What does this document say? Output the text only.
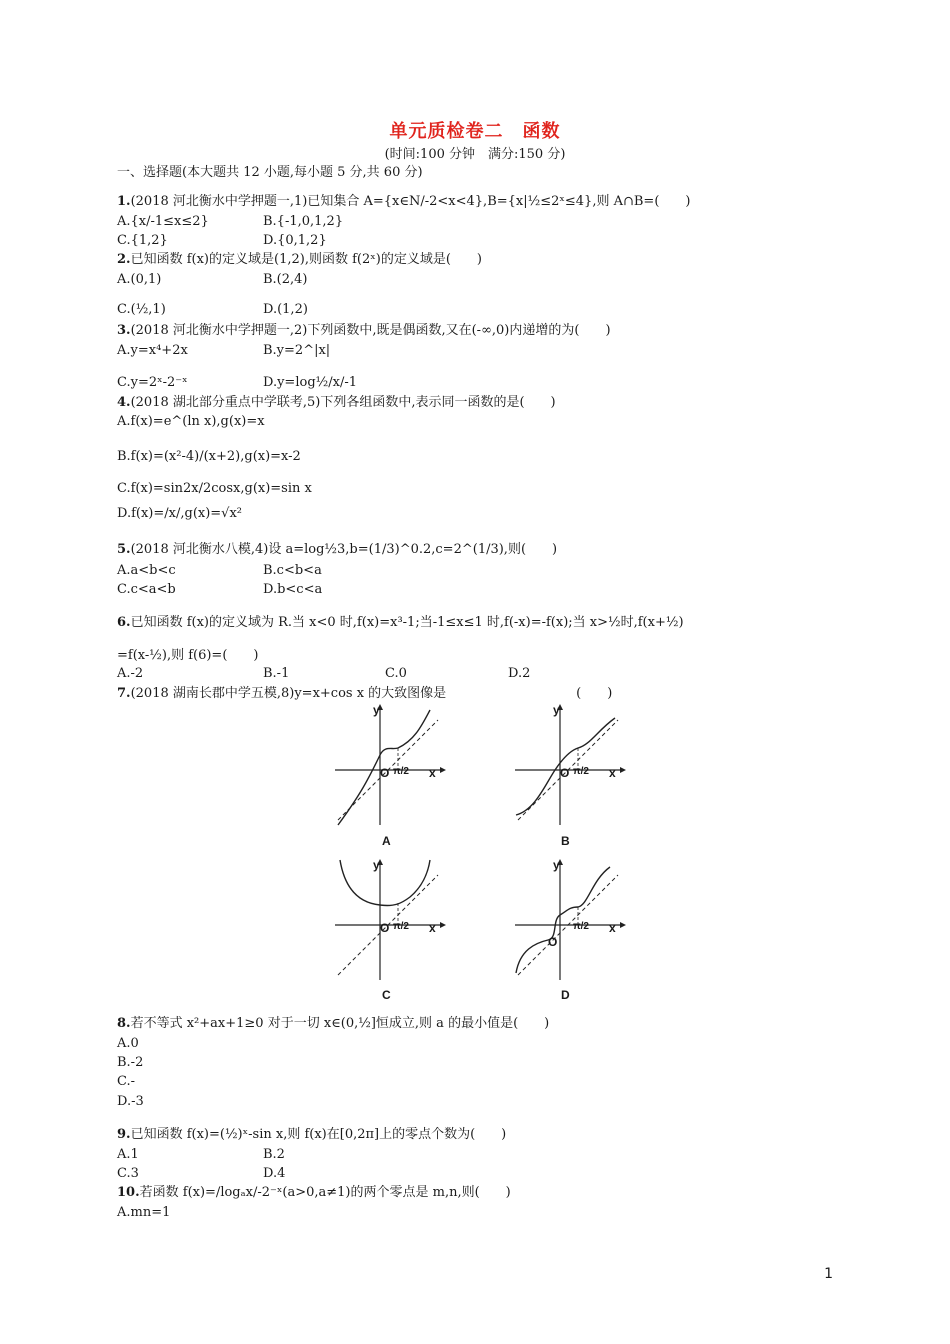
单元质检卷二　函数
(时间:100 分钟　满分:150 分)
一、选择题(本大题共 12 小题,每小题 5 分,共 60 分)
1.(2018 河北衡水中学押题一,1)已知集合 A={x∈N/-2<x<4},B={x|½≤2ˣ≤4},则 A∩B=(　　)
A.{x/-1≤x≤2}	B.{-1,0,1,2}
C.{1,2}	D.{0,1,2}
2.已知函数 f(x)的定义域是(1,2),则函数 f(2ˣ)的定义域是(　　)
A.(0,1)	B.(2,4)
C.(½,1)	D.(1,2)
3.(2018 河北衡水中学押题一,2)下列函数中,既是偶函数,又在(-∞,0)内递增的为(　　)
A.y=x⁴+2x	B.y=2^|x|
C.y=2ˣ-2⁻ˣ	D.y=log½/x/-1
4.(2018 湖北部分重点中学联考,5)下列各组函数中,表示同一函数的是(　　)
A.f(x)=e^(ln x),g(x)=x
B.f(x)=(x²-4)/(x+2),g(x)=x-2
C.f(x)=sin2x/2cosx,g(x)=sin x
D.f(x)=/x/,g(x)=√x²
5.(2018 河北衡水八模,4)设 a=log½3,b=(1/3)^0.2,c=2^(1/3),则(　　)
A.a<b<c	B.c<b<a
C.c<a<b	D.b<c<a
6.已知函数 f(x)的定义域为 R.当 x<0 时,f(x)=x³-1;当-1≤x≤1 时,f(-x)=-f(x);当 x>½时,f(x+½)
=f(x-½),则 f(6)=(　　)
A.-2	B.-1	C.0	D.2
7.(2018 湖南长郡中学五模,8)y=x+cos x 的大致图像是　　　　　　　　　　(　　)
8.若不等式 x²+ax+1≥0 对于一切 x∈(0,½]恒成立,则 a 的最小值是(　　)
A.0
B.-2
C.-
D.-3
9.已知函数 f(x)=(½)ˣ-sin x,则 f(x)在[0,2π]上的零点个数为(　　)
A.1	B.2
C.3	D.4
10.若函数 f(x)=/logₐx/-2⁻ˣ(a>0,a≠1)的两个零点是 m,n,则(　　)
A.mn=1
y
x
O π/2
A
y
x
O π/2
B
y
x
O π/2
C
y
x
O
π/2
D
1
